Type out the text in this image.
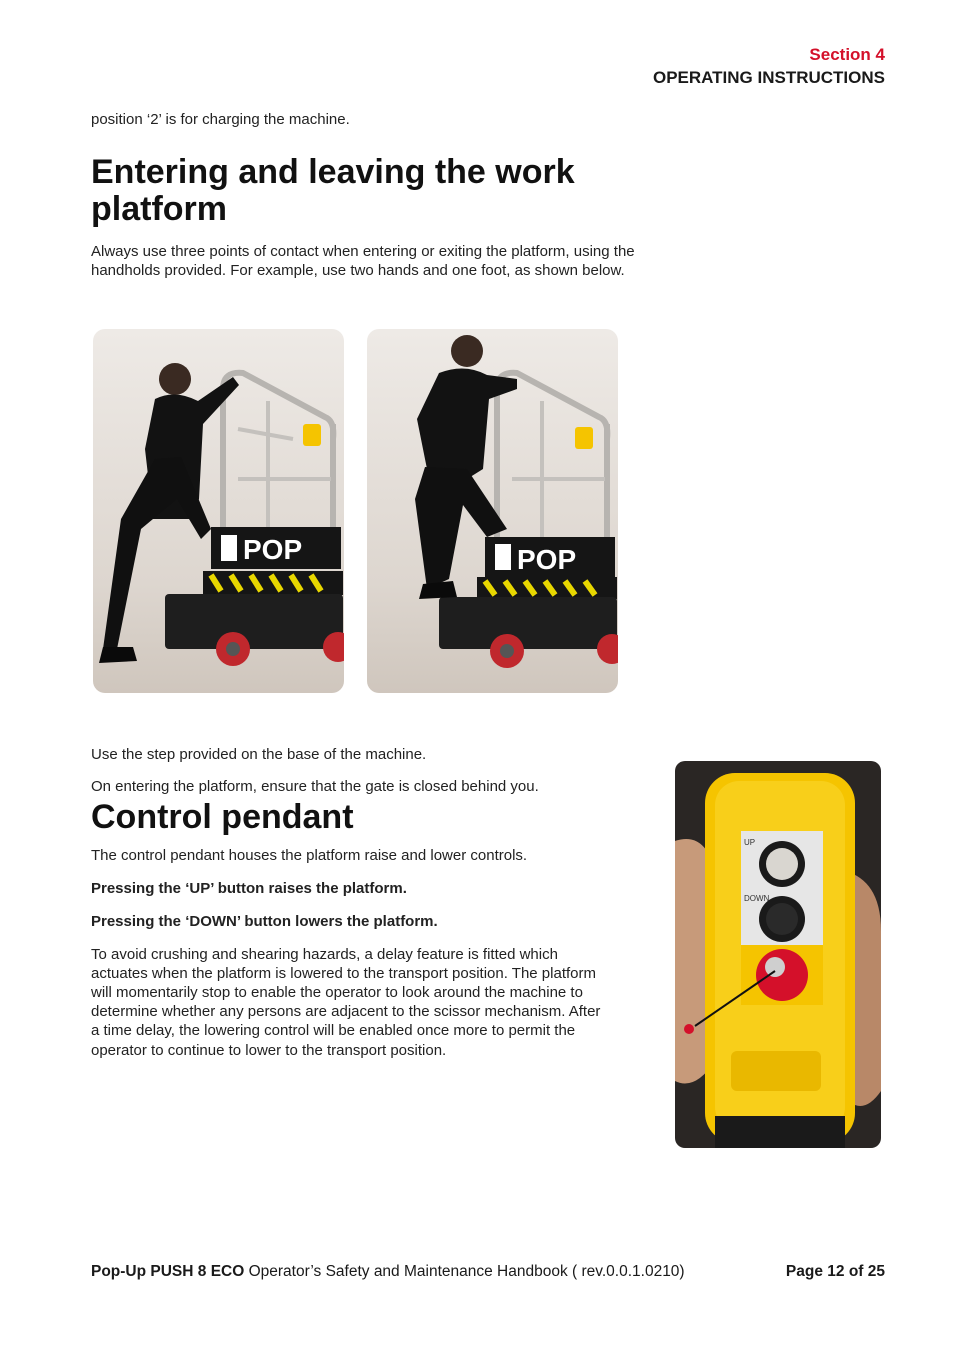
Section 4
OPERATING INSTRUCTIONS

position ‘2’ is for charging the machine.

Entering and leaving the work
platform

Always use three points of contact when entering or exiting the platform, using the

handholds provided. For example, use two hands and one foot, as shown below.

POP	POP

Use the step provided on the base of the machine.

On entering the platform, ensure that the gate is closed behind you.

Control pendant

The control pendant houses the platform raise and lower controls.

Pressing the ‘UP’ button raises the platform.

Pressing the ‘DOWN’ button lowers the platform.

To avoid crushing and shearing hazards, a delay feature is fitted which

actuates when the platform is lowered to the transport position. The platform

will momentarily stop to enable the operator to look around the machine to

determine whether any persons are adjacent to the scissor mechanism. After

a time delay, the lowering control will be enabled once more to permit the

operator to continue to lower to the transport position.

UP
DOWN
Pop-Up PUSH 8 ECO Operator’s Safety and Maintenance Handbook ( rev.0.0.1.0210)	Page 12 of 25
